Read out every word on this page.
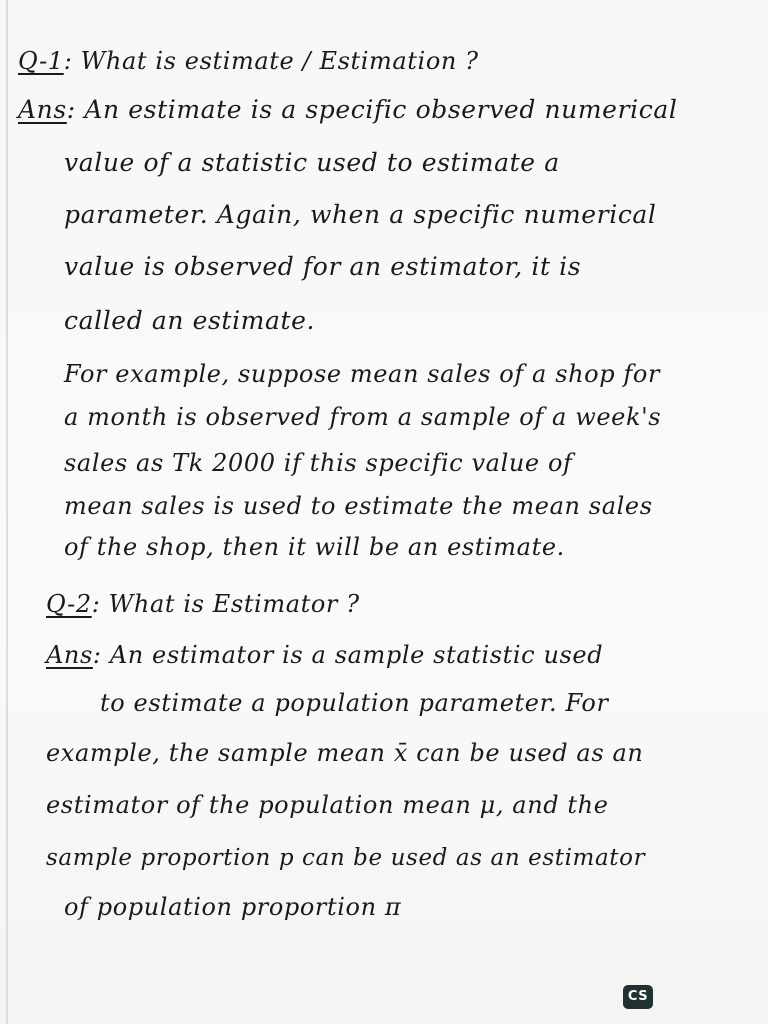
Q-1: What is estimate / Estimation ?
Ans: An estimate is a specific observed numerical
value of a statistic used to estimate a
parameter. Again, when a specific numerical
value is observed for an estimator, it is
called an estimate.
For example, suppose mean sales of a shop for
a month is observed from a sample of a week's
sales as Tk 2000 if this specific value of
mean sales is used to estimate the mean sales
of the shop, then it will be an estimate.
Q-2: What is Estimator ?
Ans: An estimator is a sample statistic used
to estimate a population parameter. For
example, the sample mean x̄ can be used as an
estimator of the population mean μ, and the
sample proportion p can be used as an estimator
of population proportion π
CS
